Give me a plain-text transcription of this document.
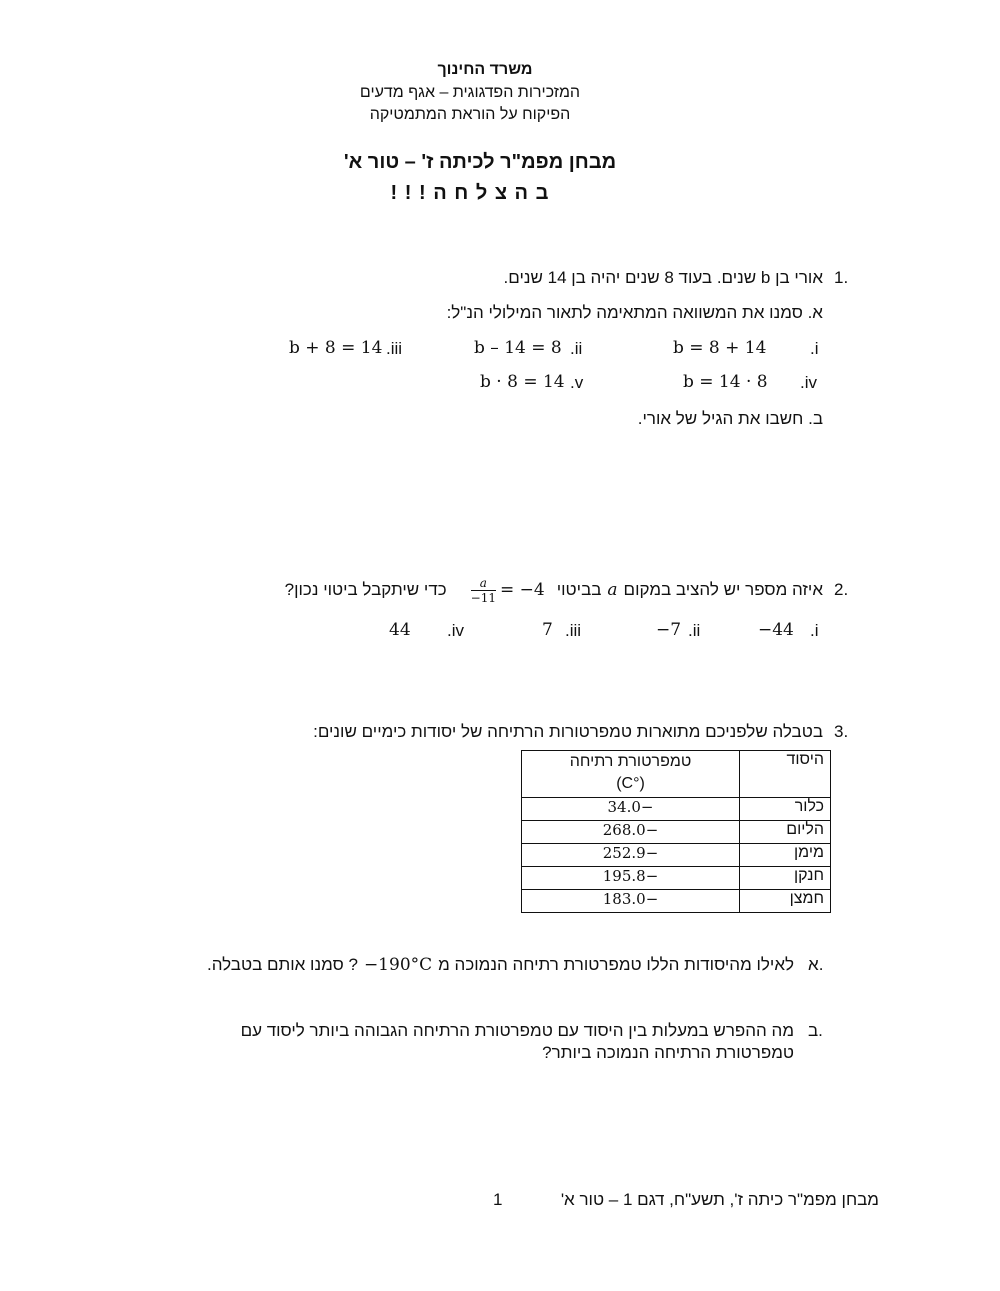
משרד החינוך
המזכירות הפדגוגית – אגף מדעים
הפיקוח על הוראת המתמטיקה
מבחן מפמ"ר לכיתה ז' – טור א'
ב ה צ ל ח ה ! ! !
1.
אורי בן b שנים. בעוד 8 שנים יהיה בן 14 שנים.
א. סמנו את המשוואה המתאימה לתאור המילולי הנ"ל:
.i
b = 8 + 14
.ii
b – 14 = 8
.iii
b + 8 = 14
.iv
b = 14 · 8
.v
b · 8 = 14
ב. חשבו את הגיל של אורי.
2.
איזה מספר יש להציב במקום
a
בביטוי
$\frac{a}{-11} = -4$
כדי שיתקבל ביטוי נכון?
.i
−44
.ii
−7
.iii
7
.iv
44
3.
בטבלה שלפניכם מתוארות טמפרטורות הרתיחה של יסודות כימיים שונים:
היסוד	טמפרטורת רתיחה
(°C)
כלור	−34.0
הליום	−268.0
מימן	−252.9
חנקן	−195.8
חמצן	−183.0
א.
לאילו מהיסודות הללו טמפרטורת רתיחה הנמוכה מ
−190°C
? סמנו אותם בטבלה.
ב.
מה ההפרש במעלות בין היסוד עם טמפרטורת הרתיחה הגבוהה ביותר ליסוד עם
טמפרטורת הרתיחה הנמוכה ביותר?
מבחן מפמ"ר כיתה ז', תשע"ח, דגם 1 – טור א'
1
